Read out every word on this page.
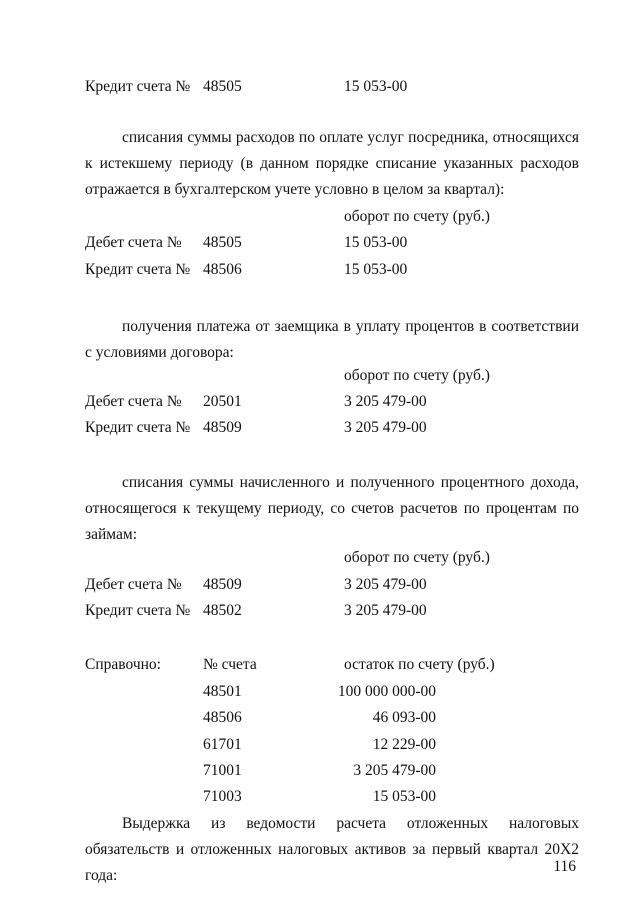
Кредит счета № 48505	15 053-00

списания суммы расходов по оплате услуг посредника, относящихся к истекшему периоду (в данном порядке списание указанных расходов отражается в бухгалтерском учете условно в целом за квартал):

оборот по счету (руб.)
Дебет счета № 48505	15 053-00
Кредит счета № 48506	15 053-00

получения платежа от заемщика в уплату процентов в соответствии с условиями договора:

оборот по счету (руб.)
Дебет счета № 20501	3 205 479-00
Кредит счета № 48509	3 205 479-00

списания суммы начисленного и полученного процентного дохода, относящегося к текущему периоду, со счетов расчетов по процентам по займам:

оборот по счету (руб.)
Дебет счета № 48509	3 205 479-00
Кредит счета № 48502	3 205 479-00
Справочно:	№ счета	остаток по счету (руб.)
48501	100 000 000-00
48506	46 093-00
61701	12 229-00
71001	3 205 479-00
71003	15 053-00

Выдержка из ведомости расчета отложенных налоговых обязательств и отложенных налоговых активов за первый квартал 20Х2 года:

116
